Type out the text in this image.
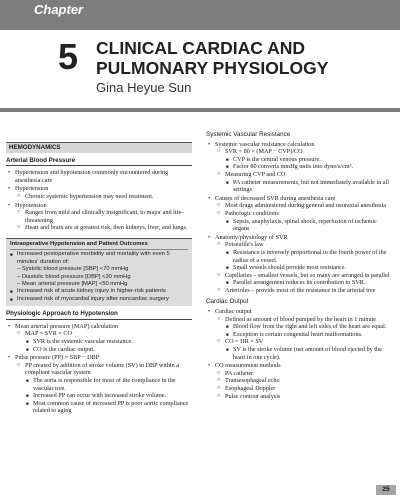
Chapter
5 CLINICAL CARDIAC AND
PULMONARY PHYSIOLOGY
Gina Heyue Sun
HEMODYNAMICS
Arterial Blood Pressure
• Hypertension and hypotension commonly encountered during anesthesia care
• Hypertension
○ Chronic systemic hypertension may need treatment.
• Hypotension
○ Ranges from mild and clinically insignificant, to major and life-threatening
○ Heart and brain are at greatest risk, then kidneys, liver, and lungs.
Intraoperative Hypotension and Patient Outcomes
■ Increased postoperative morbidity and mortality with even 5 minutes' duration of:
– Systolic blood pressure [SBP] <70 mmHg
– Diastolic blood pressure [DBP] <30 mmHg
– Mean arterial pressure [MAP] <50 mmHg
■ Increased risk of acute kidney injury in higher-risk patients
■ Increased risk of myocardial injury after noncardiac surgery
Physiologic Approach to Hypotension
• Mean arterial pressure (MAP) calculation
○ MAP = SVR × CO
■ SVR is the systemic vascular resistance.
■ CO is the cardiac output.
• Pulse pressure (PP) = SBP − DBP
○ PP created by addition of stroke volume (SV) to DBP within a compliant vascular system
■ The aorta is responsible for most of the compliance in the vascular tree.
■ Increased PP can occur with increased stroke volume.
■ Most common cause of increased PP is poor aortic compliance related to aging
Systemic Vascular Resistance
• Systemic vascular resistance calculation
○ SVR = 80 × (MAP − CVP)/CO
■ CVP is the central venous pressure.
■ Factor 80 converts mmHg units into dyne/s/cm⁵.
○ Measuring CVP and CO
■ PA catheter measurements, but not immediately available in all settings
• Causes of decreased SVR during anesthesia care
○ Most drugs administered during general and neuraxial anesthesia
○ Pathologic conditions
■ Sepsis, anaphylaxis, spinal shock, reperfusion of ischemic organs
• Anatomy/physiology of SVR
○ Poiseuille's law
■ Resistance is inversely proportional to the fourth power of the radius of a vessel.
■ Small vessels should provide most resistance.
○ Capillaries – smallest vessels, but so many are arranged in parallel
■ Parallel arrangement reduces its contribution to SVR.
○ Arterioles – provide most of the resistance in the arterial tree
Cardiac Output
• Cardiac output
○ Defined as amount of blood pumped by the heart in 1 minute
■ Blood flow from the right and left sides of the heart are equal.
■ Exception is certain congenital heart malformations.
○ CO = HR × SV
■ SV is the stroke volume (net amount of blood ejected by the heart in one cycle).
• CO measurement methods
○ PA catheter
○ Transesophageal echo
○ Esophageal Doppler
○ Pulse contour analysis
25
